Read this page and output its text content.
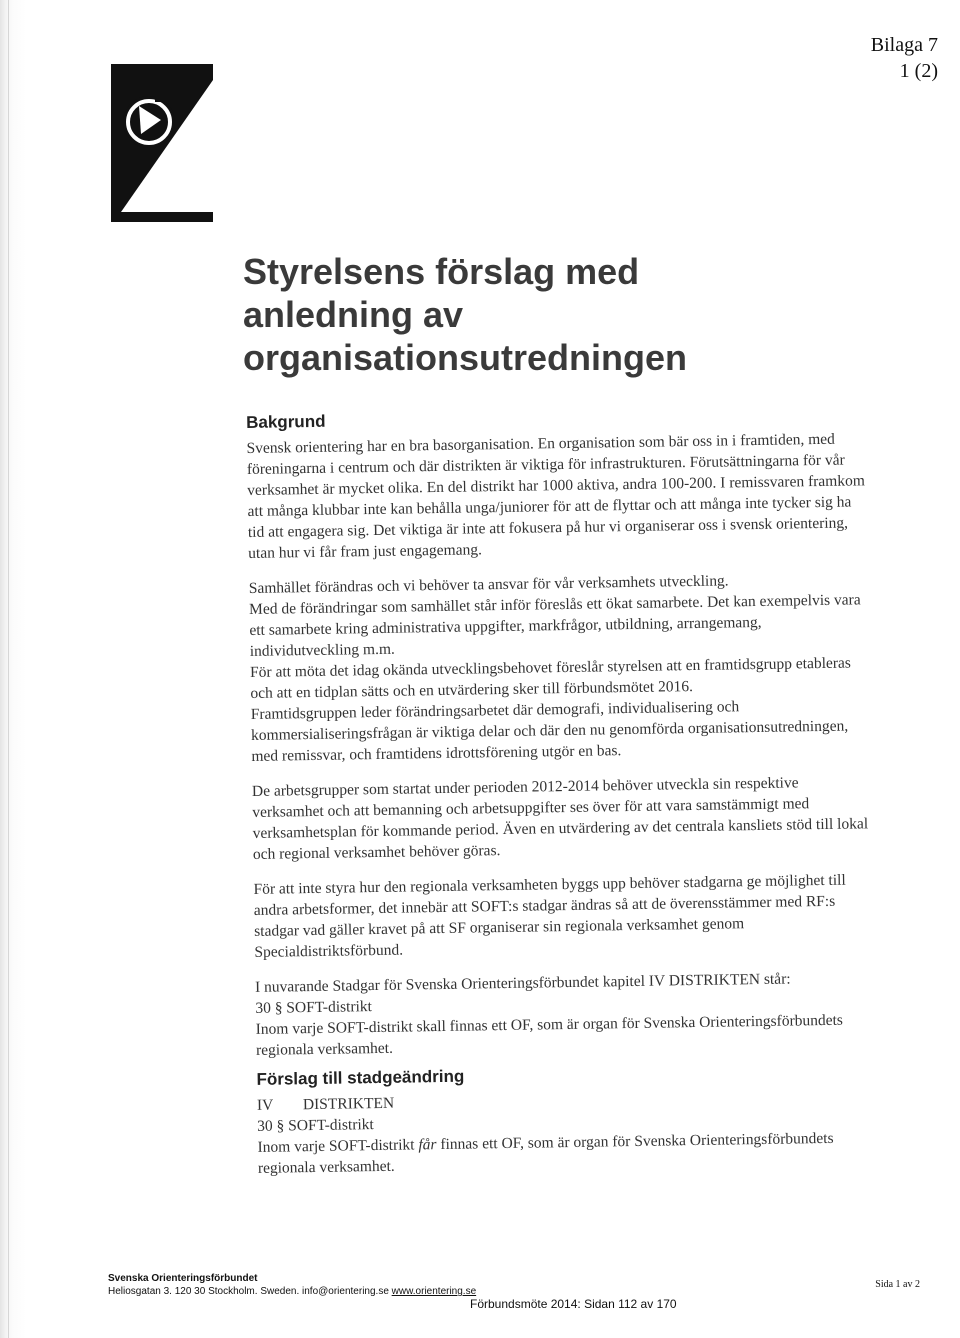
Bilaga 7
1 (2)
SVENSK
ORIENTERING	Styrelsens förslag med
anledning av
organisationsutredningen
Bakgrund

Svensk orientering har en bra basorganisation. En organisation som bär oss in i framtiden, med föreningarna i centrum och där distrikten är viktiga för infrastrukturen. Förutsättningarna för vår verksamhet är mycket olika. En del distrikt har 1000 aktiva, andra 100-200. I remissvaren framkom att många klubbar inte kan behålla unga/juniorer för att de flyttar och att många inte tycker sig ha tid att engagera sig. Det viktiga är inte att fokusera på hur vi organiserar oss i svensk orientering, utan hur vi får fram just engagemang.

Samhället förändras och vi behöver ta ansvar för vår verksamhets utveckling.

Med de förändringar som samhället står inför föreslås ett ökat samarbete. Det kan exempelvis vara ett samarbete kring administrativa uppgifter, markfrågor, utbildning, arrangemang, individutveckling m.m.

För att möta det idag okända utvecklingsbehovet föreslår styrelsen att en framtidsgrupp etableras och att en tidplan sätts och en utvärdering sker till förbundsmötet 2016.

Framtidsgruppen leder förändringsarbetet där demografi, individualisering och kommersialiseringsfrågan är viktiga delar och där den nu genomförda organisationsutredningen, med remissvar, och framtidens idrottsförening utgör en bas.

De arbetsgrupper som startat under perioden 2012-2014 behöver utveckla sin respektive verksamhet och att bemanning och arbetsuppgifter ses över för att vara samstämmigt med verksamhetsplan för kommande period. Även en utvärdering av det centrala kansliets stöd till lokal och regional verksamhet behöver göras.

För att inte styra hur den regionala verksamheten byggs upp behöver stadgarna ge möjlighet till andra arbetsformer, det innebär att SOFT:s stadgar ändras så att de överensstämmer med RF:s stadgar vad gäller kravet på att SF organiserar sin regionala verksamhet genom Specialdistriktsförbund.

I nuvarande Stadgar för Svenska Orienteringsförbundet kapitel IV DISTRIKTEN står:

30 § SOFT-distrikt

Inom varje SOFT-distrikt skall finnas ett OF, som är organ för Svenska Orienteringsförbundets regionala verksamhet.

Förslag till stadgeändring
IV DISTRIKTEN

30 § SOFT-distrikt

Inom varje SOFT-distrikt får finnas ett OF, som är organ för Svenska Orienteringsförbundets regionala verksamhet.

Svenska Orienteringsförbundet
Heliosgatan 3. 120 30 Stockholm. Sweden. info@orientering.se www.orientering.se
Sida 1 av 2
Förbundsmöte 2014: Sidan 112 av 170
